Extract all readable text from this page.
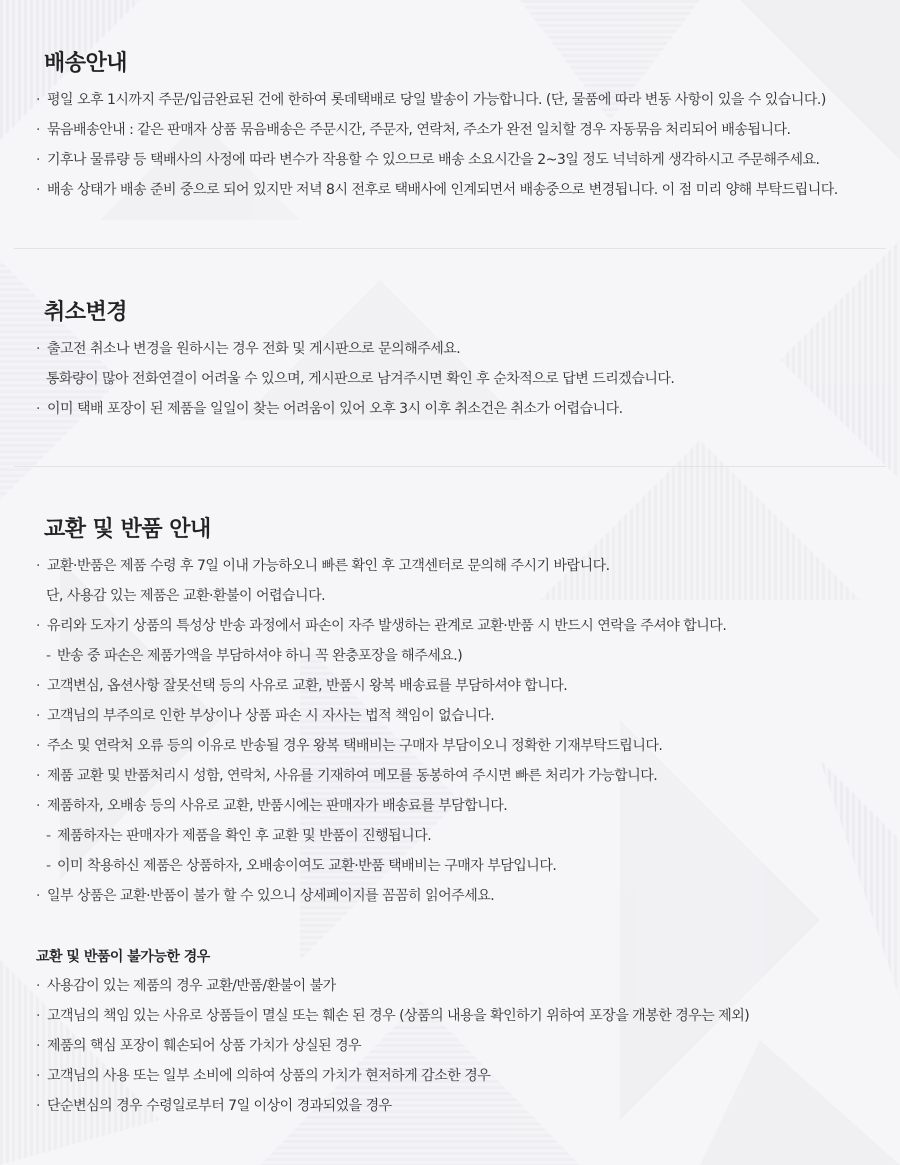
배송안내
· 평일 오후 1시까지 주문/입금완료된 건에 한하여 롯데택배로 당일 발송이 가능합니다. (단, 물품에 따라 변동 사항이 있을 수 있습니다.)
· 묶음배송안내 : 같은 판매자 상품 묶음배송은 주문시간, 주문자, 연락처, 주소가 완전 일치할 경우 자동묶음 처리되어 배송됩니다.
· 기후나 물류량 등 택배사의 사정에 따라 변수가 작용할 수 있으므로 배송 소요시간을 2~3일 정도 넉넉하게 생각하시고 주문해주세요.
· 배송 상태가 배송 준비 중으로 되어 있지만 저녁 8시 전후로 택배사에 인계되면서 배송중으로 변경됩니다. 이 점 미리 양해 부탁드립니다.
취소변경
· 출고전 취소나 변경을 원하시는 경우 전화 및 게시판으로 문의해주세요.
통화량이 많아 전화연결이 어려울 수 있으며, 게시판으로 남겨주시면 확인 후 순차적으로 답변 드리겠습니다.
· 이미 택배 포장이 된 제품을 일일이 찾는 어려움이 있어 오후 3시 이후 취소건은 취소가 어렵습니다.
교환 및 반품 안내
· 교환·반품은 제품 수령 후 7일 이내 가능하오니 빠른 확인 후 고객센터로 문의해 주시기 바랍니다.
단, 사용감 있는 제품은 교환·환불이 어렵습니다.
· 유리와 도자기 상품의 특성상 반송 과정에서 파손이 자주 발생하는 관계로 교환·반품 시 반드시 연락을 주셔야 합니다.
- 반송 중 파손은 제품가액을 부담하셔야 하니 꼭 완충포장을 해주세요.)
· 고객변심, 옵션사항 잘못선택 등의 사유로 교환, 반품시 왕복 배송료를 부담하셔야 합니다.
· 고객님의 부주의로 인한 부상이나 상품 파손 시 자사는 법적 책임이 없습니다.
· 주소 및 연락처 오류 등의 이유로 반송될 경우 왕복 택배비는 구매자 부담이오니 정확한 기재부탁드립니다.
· 제품 교환 및 반품처리시 성함, 연락처, 사유를 기재하여 메모를 동봉하여 주시면 빠른 처리가 가능합니다.
· 제품하자, 오배송 등의 사유로 교환, 반품시에는 판매자가 배송료를 부담합니다.
- 제품하자는 판매자가 제품을 확인 후 교환 및 반품이 진행됩니다.
- 이미 착용하신 제품은 상품하자, 오배송이여도 교환·반품 택배비는 구매자 부담입니다.
· 일부 상품은 교환·반품이 불가 할 수 있으니 상세페이지를 꼼꼼히 읽어주세요.
교환 및 반품이 불가능한 경우
· 사용감이 있는 제품의 경우 교환/반품/환불이 불가
· 고객님의 책임 있는 사유로 상품들이 멸실 또는 훼손 된 경우 (상품의 내용을 확인하기 위하여 포장을 개봉한 경우는 제외)
· 제품의 핵심 포장이 훼손되어 상품 가치가 상실된 경우
· 고객님의 사용 또는 일부 소비에 의하여 상품의 가치가 현저하게 감소한 경우
· 단순변심의 경우 수령일로부터 7일 이상이 경과되었을 경우
